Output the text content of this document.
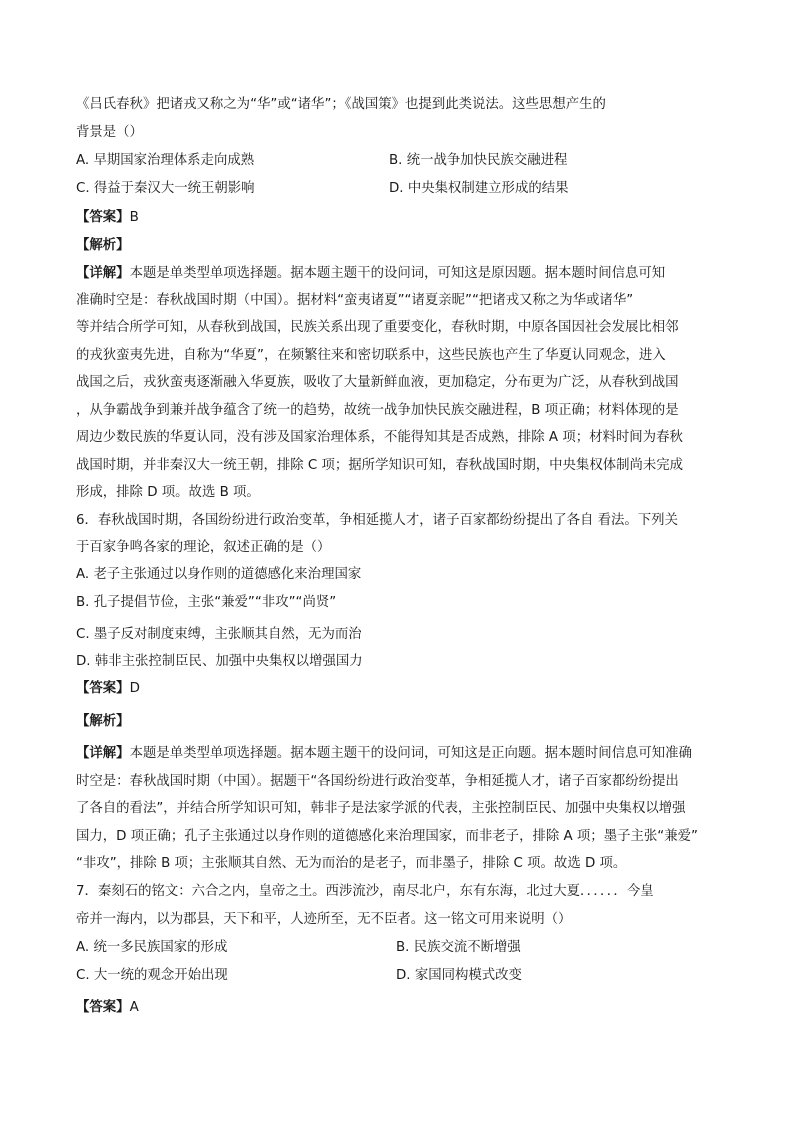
《吕氏春秋》把诸戎又称之为“华”或“诸华”；《战国策》也提到此类说法。这些思想产生的
背景是（）
A. 早期国家治理体系走向成熟	B. 统一战争加快民族交融进程
C. 得益于秦汉大一统王朝影响	D. 中央集权制建立形成的结果
【答案】B
【解析】
【详解】本题是单类型单项选择题。据本题主题干的设问词，可知这是原因题。据本题时间信息可知
准确时空是：春秋战国时期（中国）。据材料“蛮夷诸夏”“诸夏亲昵”“把诸戎又称之为华或诸华”
等并结合所学可知，从春秋到战国，民族关系出现了重要变化，春秋时期，中原各国因社会发展比相邻
的戎狄蛮夷先进，自称为“华夏”，在频繁往来和密切联系中，这些民族也产生了华夏认同观念，进入
战国之后，戎狄蛮夷逐渐融入华夏族，吸收了大量新鲜血液，更加稳定，分布更为广泛，从春秋到战国
，从争霸战争到兼并战争蕴含了统一的趋势，故统一战争加快民族交融进程，B 项正确；材料体现的是
周边少数民族的华夏认同，没有涉及国家治理体系，不能得知其是否成熟，排除 A 项；材料时间为春秋
战国时期，并非秦汉大一统王朝，排除 C 项；据所学知识可知，春秋战国时期，中央集权体制尚未完成
形成，排除 D 项。故选 B 项。
6．春秋战国时期，各国纷纷进行政治变革，争相延揽人才，诸子百家都纷纷提出了各自 看法。下列关
于百家争鸣各家的理论，叙述正确的是（）
A. 老子主张通过以身作则的道德感化来治理国家
B. 孔子提倡节俭，主张“兼爱”“非攻”“尚贤”
C. 墨子反对制度束缚，主张顺其自然，无为而治
D. 韩非主张控制臣民、加强中央集权以增强国力
【答案】D
【解析】
【详解】本题是单类型单项选择题。据本题主题干的设问词，可知这是正向题。据本题时间信息可知准确
时空是：春秋战国时期（中国）。据题干“各国纷纷进行政治变革，争相延揽人才，诸子百家都纷纷提出
了各自的看法”，并结合所学知识可知，韩非子是法家学派的代表，主张控制臣民、加强中央集权以增强
国力，D 项正确；孔子主张通过以身作则的道德感化来治理国家，而非老子，排除 A 项；墨子主张“兼爱”
“非攻”，排除 B 项；主张顺其自然、无为而治的是老子，而非墨子，排除 C 项。故选 D 项。
7．秦刻石的铭文：六合之内，皇帝之土。西涉流沙，南尽北户，东有东海，北过大夏．．．．．．今皇
帝并一海内，以为郡县，天下和平，人迹所至，无不臣者。这一铭文可用来说明（）
A. 统一多民族国家的形成	B. 民族交流不断增强
C. 大一统的观念开始出现	D. 家国同构模式改变
【答案】A
